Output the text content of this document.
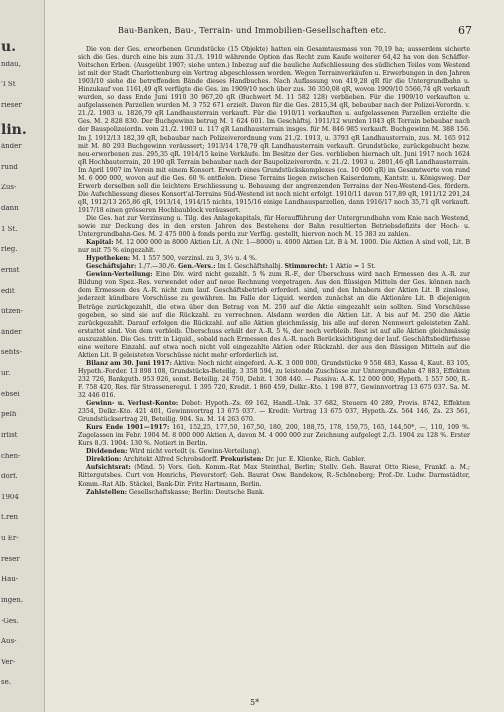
u.
ndau,
'I St
rieser
lin.
änder
rund
Zus-
dann
1 St.
rleg.
ernst
edit
ützen-
änder
sehts-
ur.
ebsei
pelh
irlist
chen-
dorf.
1904
t.ren
u Er-
reser
Hau-
ingen.
·Ges.
Aus-
Ver-
se.
Bau-Banken, Bau-, Terrain- und Immobilien-Gesellschaften etc.	67

Die von der Ges. erworbenen Grundstücke (15 Objekte) hatten ein Gesamtausmass von 70,19 ha; ausserdem sicherte sich die Ges. durch eine bis zum 31./3. 1910 währende Option das Recht zum Kaufe weiterer 64,42 ha von den Schäffer-Voitschen Erben. (Ausgeübt 1907; siehe unten.) Inbezug auf die bauliche Aufschliessung des südlichen Teiles vom Westend ist mit der Stadt Charlottenburg ein Vertrag abgeschlossen worden. Wegen Terrainverkäufen u. Erwerbungen in den Jahren 1903/10 siehe die betreffenden Bände dieses Handbuches. Nach Auflassung von 419,28 qR für die Untergrundbahn u. Hinzukauf von 1161,49 qR verfügte die Ges. im 1909/10 noch über zus. 36 350,08 qR, wovon 1909/10 5566,74 qR verkauft wurden, so dass Ende Juni 1910 30 967,20 qR (Buchwert M. 11 582 128) verblieben. Für die 1909/10 verkauften u. aufgelassenen Parzellen wurden M. 3 752 671 erzielt. Davon für die Ges. 2815,34 qR, bebaubar nach der Polizei-Verordn. v. 21./2. 1903 u. 1826,79 qR Landhausterrain verkauft. Für die 1910/11 verkauften u. aufgelassenen Parzellen erzielte die Ges. M. 2 828 830. Der Buchgewinn betrug M. 1 624 601. Im Geschäftsj. 1911/12 wurden 1043 qR Terrain bebaubar nach der Bauspolizeiordn. vom 21./2. 1903 u. 117 qR Landhausterrain insges. für M. 846 985 verkauft. Buchgewinn M. 388 156. Im J. 1912/13 182,39 qR, bebaubar nach Polizeiverordnung vom 21./2. 1913, u. 3793 qR Landhausterrain, zus. M. 165 912 mit M. 80 293 Buchgewinn veräussert; 1913/14 178,79 qR Landhausterrain verkauft. Grundstücke, zurückgebucht bezw. neu-erworbenen zus. 295,35 qR. 1914/15 keine Verkäufe. Im Besitze der Ges. verblieben hiernach ult. Juni 1917 noch 1624 qR Hochbauterrain, 20 190 qR Terrain bebaubar nach der Baupolizeiverordn. v. 21./2. 1903 u. 2801,46 qR Landhausterrain. Im April 1907 im Verein mit einem Konsort. Erwerb eines Grundstückskomplexes (ca. 10 000 qR) im Gesamtwerte von rund M. 6 000 000, wovon auf die Ges. 60 % entfielen. Diese Terrains liegen zwischen Kaiserdamm, Kantstr. u. Königsweg. Der Erwerb derselben soll die leichtere Erschliessung u. Bebauung der angrenzenden Terrains der Neu-Westend-Ges. fördern. Die Aufschliessung dieses Konsort'al-Terrains Süd-Westend ist noch nicht erfolgt. 1910/11 davon 517,89 qR, 1911/12 291,24 qR, 1912/13 265,86 qR, 1913/14, 1914/15 nichts, 1915/16 einige Landhausparzellen, dann 1916/17 noch 35,71 qR verkauft. 1917/18 einen grösseren Hochbaublock veräussert.

Die Ges. hat zur Verzinsung u. Tilg. des Anlagekapitals, für Heraufführung der Untergrundbahn vom Knie nach Westend, sowie zur Deckung des in den ersten Jahren des Bestehens der Bahn resultierten Betriebsdefizits der Hoch- u. Untergrundbahn-Ges. M. 2 475 000 à fonds perdu zur Verfüg. gestellt, hiervon noch M. 15 383 zu zahlen.

Kapital: M. 12 000 000 in 8000 Aktien Lit. A (Nr. 1—8000) u. 4000 Aktien Lit. B à M. 1000. Die Aktien A sind voll, Lit. B nur mit 75 % eingezahlt.

Hypotheken: M. 1 557 500, verzinsl. zu 3, 3½ u. 4 %.

Geschäftsjahr: 1./7.—30./6. Gen.-Vers.: Im I. Geschäftshalbj. Stimmrecht: 1 Aktie = 1 St.

Gewinn-Verteilung: Eine Div. wird nicht gezahlt. 5 % zum R.-F., der Überschuss wird nach Ermessen des A.-R. zur Bildung von Spez.-Res. verwendet oder auf neue Rechnung vorgetragen. Aus den flüssigen Mitteln der Ges. können nach dem Ermessen des A.-R. nicht zum lauf. Geschäftsbetrieb erforderl. sind, und den Inhabern der Aktien Lit. B zinslose, jederzeit kündbare Vorschüsse zu gewähren. Im Falle der Liquid. werden zunächst an die Aktionäre Lit. B diejenigen Beträge zurückgezahlt, die etwa über den Betrag von M. 250 auf die Aktie eingezahlt sein sollten. Sind Vorschüsse gegeben, so sind sie auf die Rückzahl. zu verrechnen. Alsdann werden die Aktien Lit. A bis auf M. 250 die Aktie zurückgezahlt. Darauf erfolgen die Rückzahl. auf alle Aktien gleichmässig, bis alle auf deren Nennwert geleisteten Zahl. erstattet sind. Von dem verbleib. Überschuss erhält der A.-R. 5 %, der noch verbleib. Rest ist auf alle Aktien gleichmässig auszuzahlen. Die Ges. tritt in Liquid., sobald nach Ermessen des A.-R. nach Berücksichtigung der lauf. Geschäftsbedürfnisse eine weitere Einzahl. auf etwa noch nicht voll eingezahlte Aktien oder Rückzahl. der aus den flüssigen Mitteln auf die Aktien Lit. B geleisteten Vorschüsse nicht mehr erforderlich ist.

Bilanz am 30. Juni 1917: Aktiva: Noch nicht eingeford. A.-K. 3 000 000, Grundstücke 9 558 483, Kassa 4, Kaut. 83 105, Hypoth.-Forder. 13 898 108, Grundstücks-Beteilig. 3 358 594, zu leistende Zuschüsse zur Untergrundbahn 47 883, Effekten 232 726, Bankguth. 953 926, sonst. Beteilig. 24 750, Debit. 1 308 440. — Passiva: A.-K. 12 000 000, Hypoth. 1 557 500, R.-F. 758 420, Res. für Strasseneregul. 1 395 720, Kredit. 1 860 459, Delkr.-Kto. 1 198 877, Gewinnvortrag 13 675 037. Sa. M. 32 446 016.

Gewinn- u. Verlust-Konto: Debet: Hypoth.-Zs. 69 162, Handl.-Unk. 37 682, Steuern 40 289, Provis. 8742, Effekten 2354, Delkr.-Kto. 421 401, Gewinnvortrag 13 675 037. — Kredit: Vortrag 13 675 037, Hypoth.-Zs. 564 146, Zs. 23 561, Grundstücksertrag 20, Beteilig. 904. Sa. M. 14 263 670.

Kurs Ende 1901—1917: 161, 152,25, 177,50, 167,50, 180, 200, 188,75, 178, 159,75, 165, 144,50*, —, 110, 109 %. Zugelassen im Febr. 1904 M. 8 000 000 Aktien A, davon M. 4 000 000 zur Zeichnung aufgelegt 2./3. 1904 zu 128 %. Erster Kurs 8./3. 1904: 130 %. Notiert in Berlin.

Dividenden: Wird nicht verteilt (s. Gewinn-Verteilung).

Direktion: Architekt Alfred Schrobsdorff. Prokuristen: Dr. jur. E. Klienke, Rich. Gabler.

Aufsichtsrat: (Mind. 5) Vors. Geh. Komm.-Rat Max Steinthal, Berlin; Stellv. Geh. Baurat Otto Riese, Frankf. a. M.; Rittergutsbes. Curt von Honrichs, Pieverstorf; Geh. Baurat Osw. Bandekow, R.-Schöneberg; Prof.-Dr. Ludw. Darmstädter, Komm.-Rat Alb. Stäckel, Bank-Dir. Fritz Hartmann, Berlin.

Zahlstellen: Gesellschaftskasse; Berlin: Deutsche Bank.

5*
